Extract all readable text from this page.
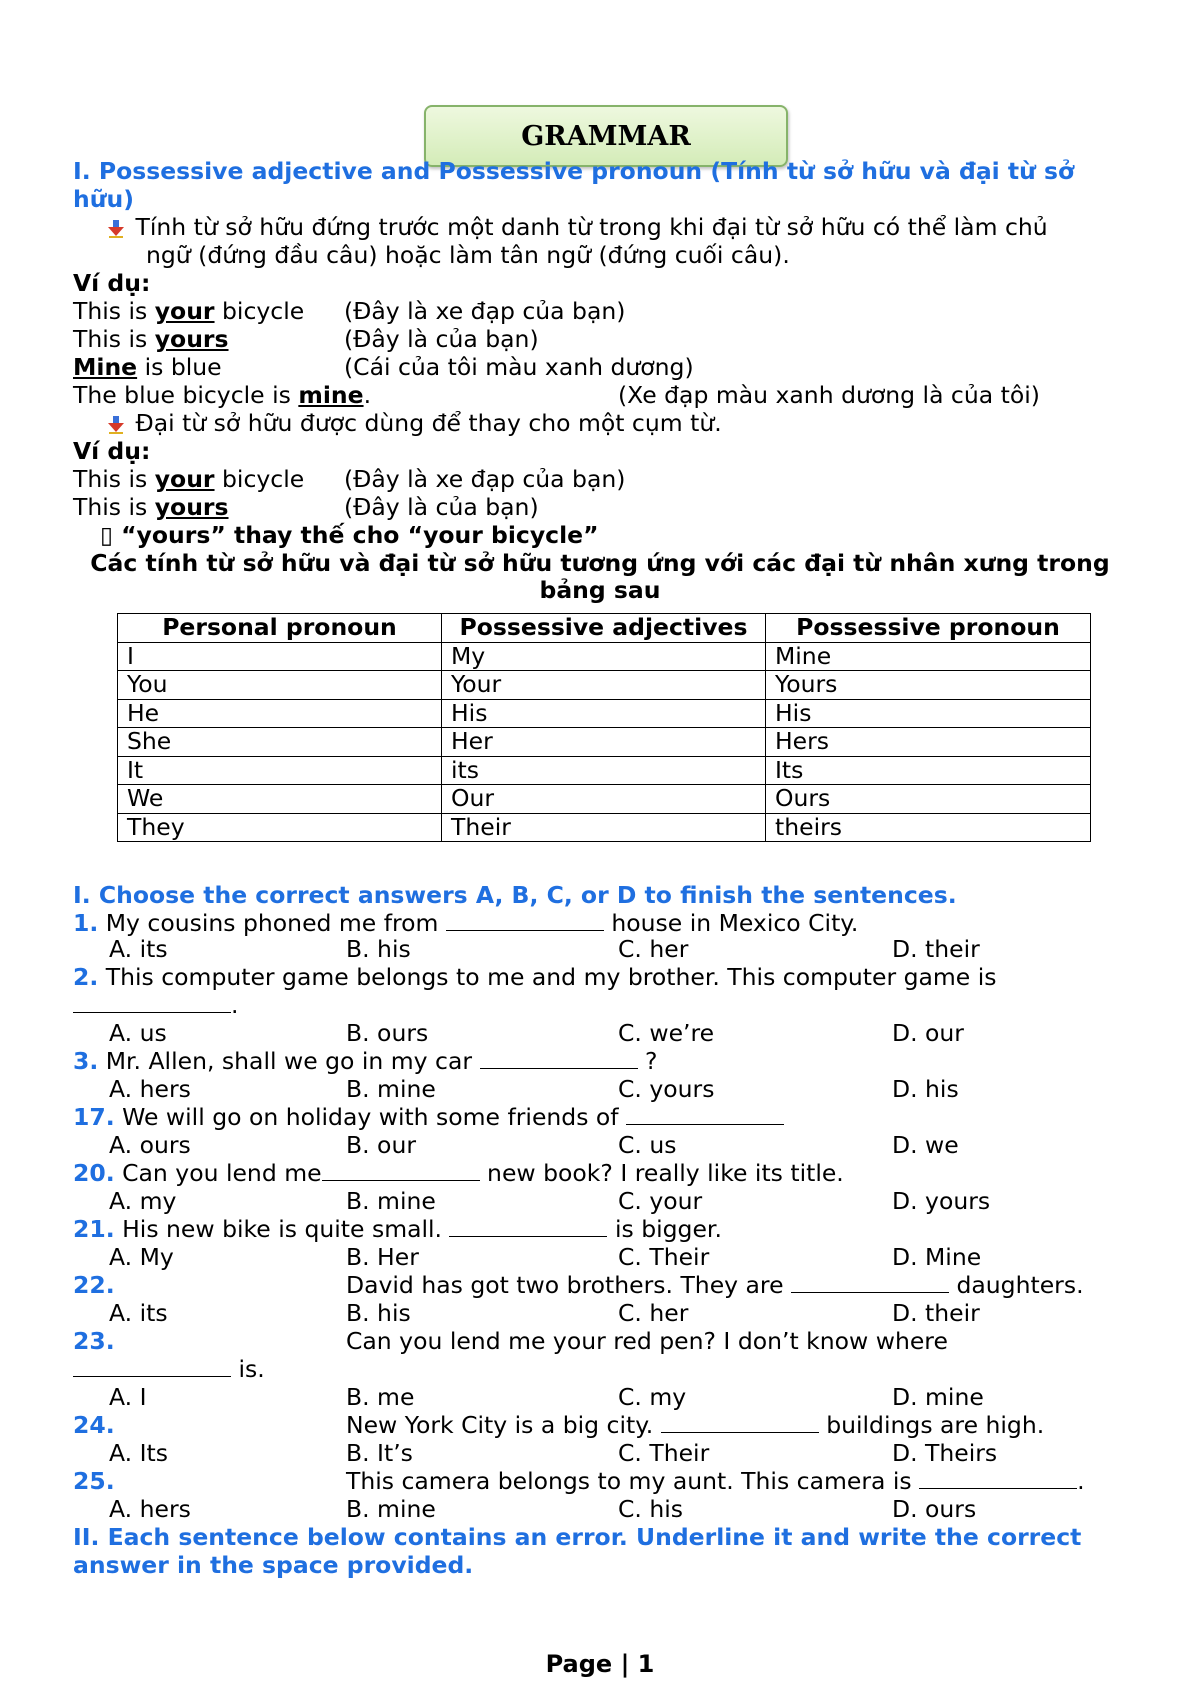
GRAMMAR
I. Possessive adjective and Possessive pronoun (Tính từ sở hữu và đại từ sở
hữu)
Tính từ sở hữu đứng trước một danh từ trong khi đại từ sở hữu có thể làm chủ
ngữ (đứng đầu câu) hoặc làm tân ngữ (đứng cuối câu).
Ví dụ:
This is your bicycle (Đây là xe đạp của bạn)
This is yours	(Đây là của bạn)
Mine is blue	(Cái của tôi màu xanh dương)
The blue bicycle is mine.	(Xe đạp màu xanh dương là của tôi)
Đại từ sở hữu được dùng để thay cho một cụm từ.
Ví dụ:
This is your bicycle (Đây là xe đạp của bạn)
This is yours	(Đây là của bạn)
▯ “yours” thay thế cho “your bicycle”
Các tính từ sở hữu và đại từ sở hữu tương ứng với các đại từ nhân xưng trong
bảng sau
Personal pronoun	Possessive adjectives	Possessive pronoun
I	My	Mine
You	Your	Yours
He	His	His
She	Her	Hers
It	its	Its
We	Our	Ours
They	Their	theirs
I. Choose the correct answers A, B, C, or D to finish the sentences.
1. My cousins phoned me from	house in Mexico City.
A. its	B. his	C. her	D. their
2. This computer game belongs to me and my brother. This computer game is
.
A. us	B. ours	C. we’re	D. our
3. Mr. Allen, shall we go in my car	?
A. hers	B. mine	C. yours	D. his
17. We will go on holiday with some friends of
A. ours	B. our	C. us	D. we
20. Can you lend me	new book? I really like its title.
A. my	B. mine	C. your	D. yours
21. His new bike is quite small.	is bigger.
A. My	B. Her	C. Their	D. Mine
22.	David has got two brothers. They are	daughters.
A. its	B. his	C. her	D. their
23.	Can you lend me your red pen? I don’t know where
is.
A. I	B. me	C. my	D. mine
24.	New York City is a big city.	buildings are high.
A. Its	B. It’s	C. Their	D. Theirs
25.	This camera belongs to my aunt. This camera is	.
A. hers	B. mine	C. his	D. ours
II. Each sentence below contains an error. Underline it and write the correct
answer in the space provided.
Page | 1
